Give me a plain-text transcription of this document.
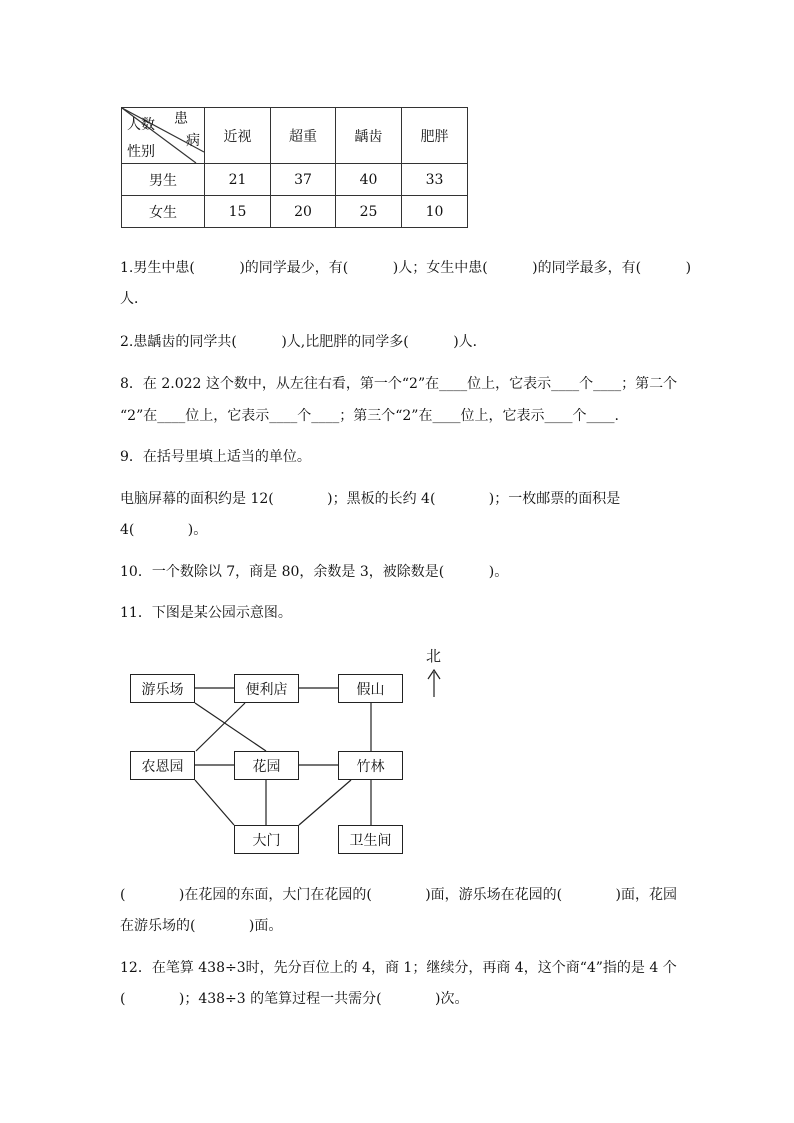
患
病
人数
性别	近视	超重	龋齿	肥胖
男生	21	37	40	33
女生	15	20	25	10
1.男生中患(          )的同学最少，有(          )人；女生中患(          )的同学最多，有(          )
人．
2.患龋齿的同学共(          )人,比肥胖的同学多(          )人．
8．在 2.022 这个数中，从左往右看，第一个“2”在____位上，它表示____个____；第二个
“2”在____位上，它表示____个____；第三个“2”在____位上，它表示____个____.
9．在括号里填上适当的单位。
电脑屏幕的面积约是 12(            )；黑板的长约 4(            )；一枚邮票的面积是
4(            )。
10．一个数除以 7，商是 80，余数是 3，被除数是(          )。
11．下图是某公园示意图。
北
游乐场	便利店	假山
农恩园	花园	竹林
大门	卫生间
(            )在花园的东面，大门在花园的(            )面，游乐场在花园的(            )面，花园
在游乐场的(            )面。
12．在笔算 438÷3时，先分百位上的 4，商 1；继续分，再商 4，这个商“4”指的是 4 个
(            )；438÷3 的笔算过程一共需分(            )次。
